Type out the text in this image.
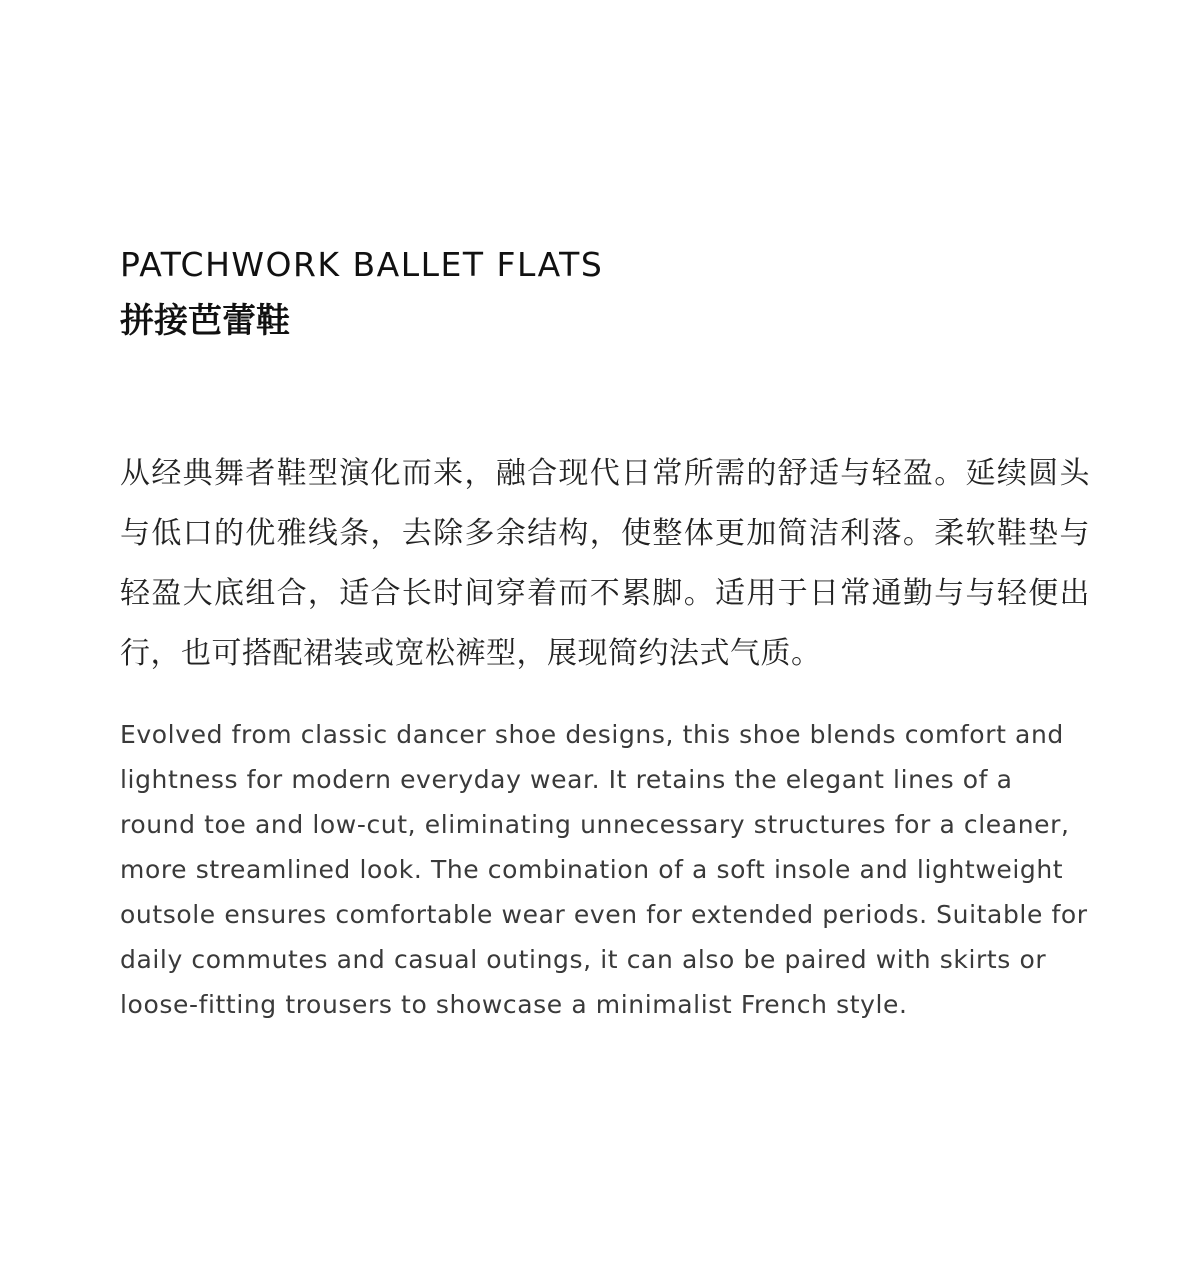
PATCHWORK BALLET FLATS
拼接芭蕾鞋

从经典舞者鞋型演化而来，融合现代日常所需的舒适与轻盈。延续圆头与低口的优雅线条，去除多余结构，使整体更加简洁利落。柔软鞋垫与轻盈大底组合，适合长时间穿着而不累脚。适用于日常通勤与与轻便出行，也可搭配裙装或宽松裤型，展现简约法式气质。

Evolved from classic dancer shoe designs, this shoe blends comfort and lightness for modern everyday wear. It retains the elegant lines of a round toe and low-cut, eliminating unnecessary structures for a cleaner, more streamlined look. The combination of a soft insole and lightweight outsole ensures comfortable wear even for extended periods. Suitable for daily commutes and casual outings, it can also be paired with skirts or loose-fitting trousers to showcase a minimalist French style.
